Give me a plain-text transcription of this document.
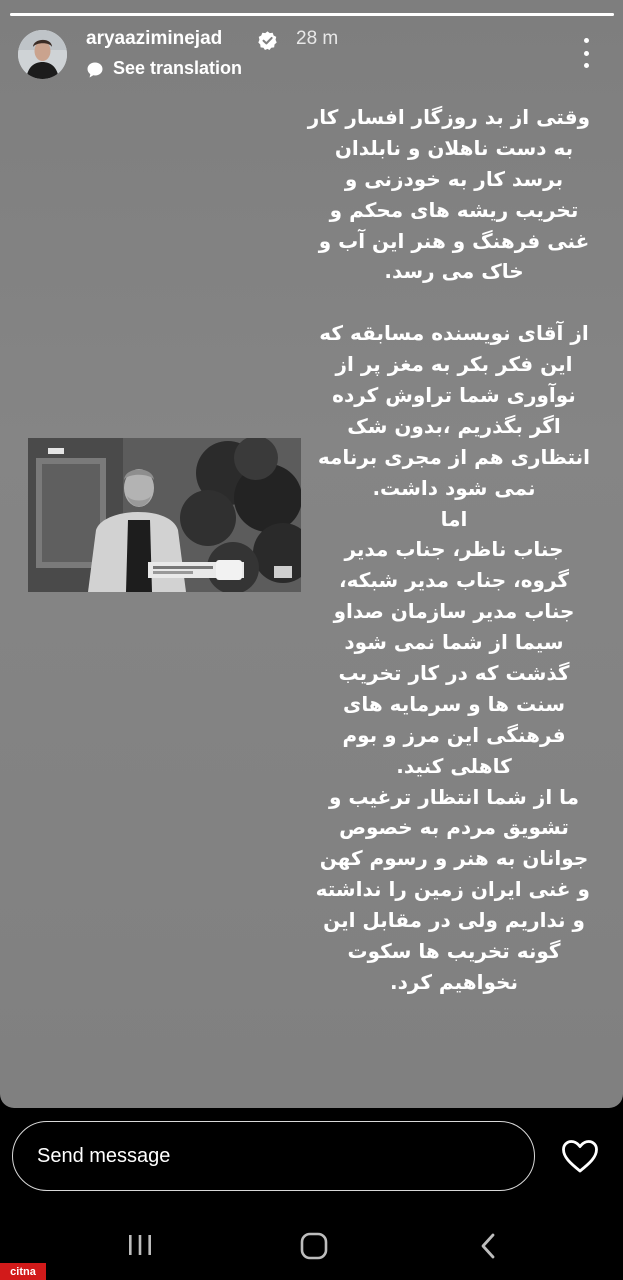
aryaaziminejad	28 m
See translation
وقتی از بد روزگار افسار کار
به دست ناهلان و نابلدان
برسد کار به خودزنی و
تخریب ریشه های محکم و
غنی فرهنگ و هنر این آب و
خاک می رسد.
از آقای نویسنده مسابقه که
این فکر بکر به مغز پر از
نوآوری شما تراوش کرده
اگر بگذریم ،بدون شک
انتظاری هم از مجری برنامه
نمی شود داشت.
اما
جناب ناظر، جناب مدیر
گروه، جناب مدیر شبکه،
جناب مدیر سازمان صداو
سیما از شما نمی شود
گذشت که در کار تخریب
سنت ها و سرمایه های
فرهنگی این مرز و بوم
کاهلی کنید.
ما از شما انتظار ترغیب و
تشویق مردم به خصوص
جوانان به هنر و رسوم کهن
و غنی ایران زمین را نداشته
و نداریم ولی در مقابل این
گونه تخریب ها سکوت
نخواهیم کرد.
Send message
citna
